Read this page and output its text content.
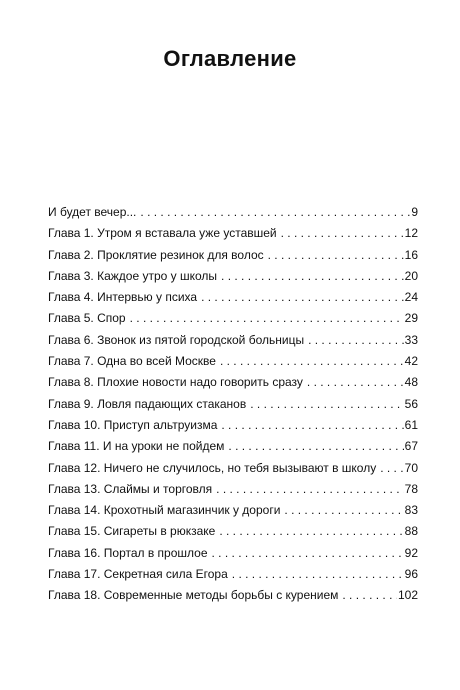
Оглавление
И будет вечер... . . .	9
Глава 1. Утром я вставала уже уставшей . . .	12
Глава 2. Проклятие резинок для волос . . .	16
Глава 3. Каждое утро у школы . . .	20
Глава 4. Интервью у психа . . .	24
Глава 5. Спор . . .	29
Глава 6. Звонок из пятой городской больницы . . .	33
Глава 7. Одна во всей Москве . . .	42
Глава 8. Плохие новости надо говорить сразу . . .	48
Глава 9. Ловля падающих стаканов . . .	56
Глава 10. Приступ альтруизма . . .	61
Глава 11. И на уроки не пойдем . . .	67
Глава 12. Ничего не случилось, но тебя вызывают в школу . . .	70
Глава 13. Слаймы и торговля . . .	78
Глава 14. Крохотный магазинчик у дороги . . .	83
Глава 15. Сигареты в рюкзаке . . .	88
Глава 16. Портал в прошлое . . .	92
Глава 17. Секретная сила Егора . . .	96
Глава 18. Современные методы борьбы с курением . . .	102
